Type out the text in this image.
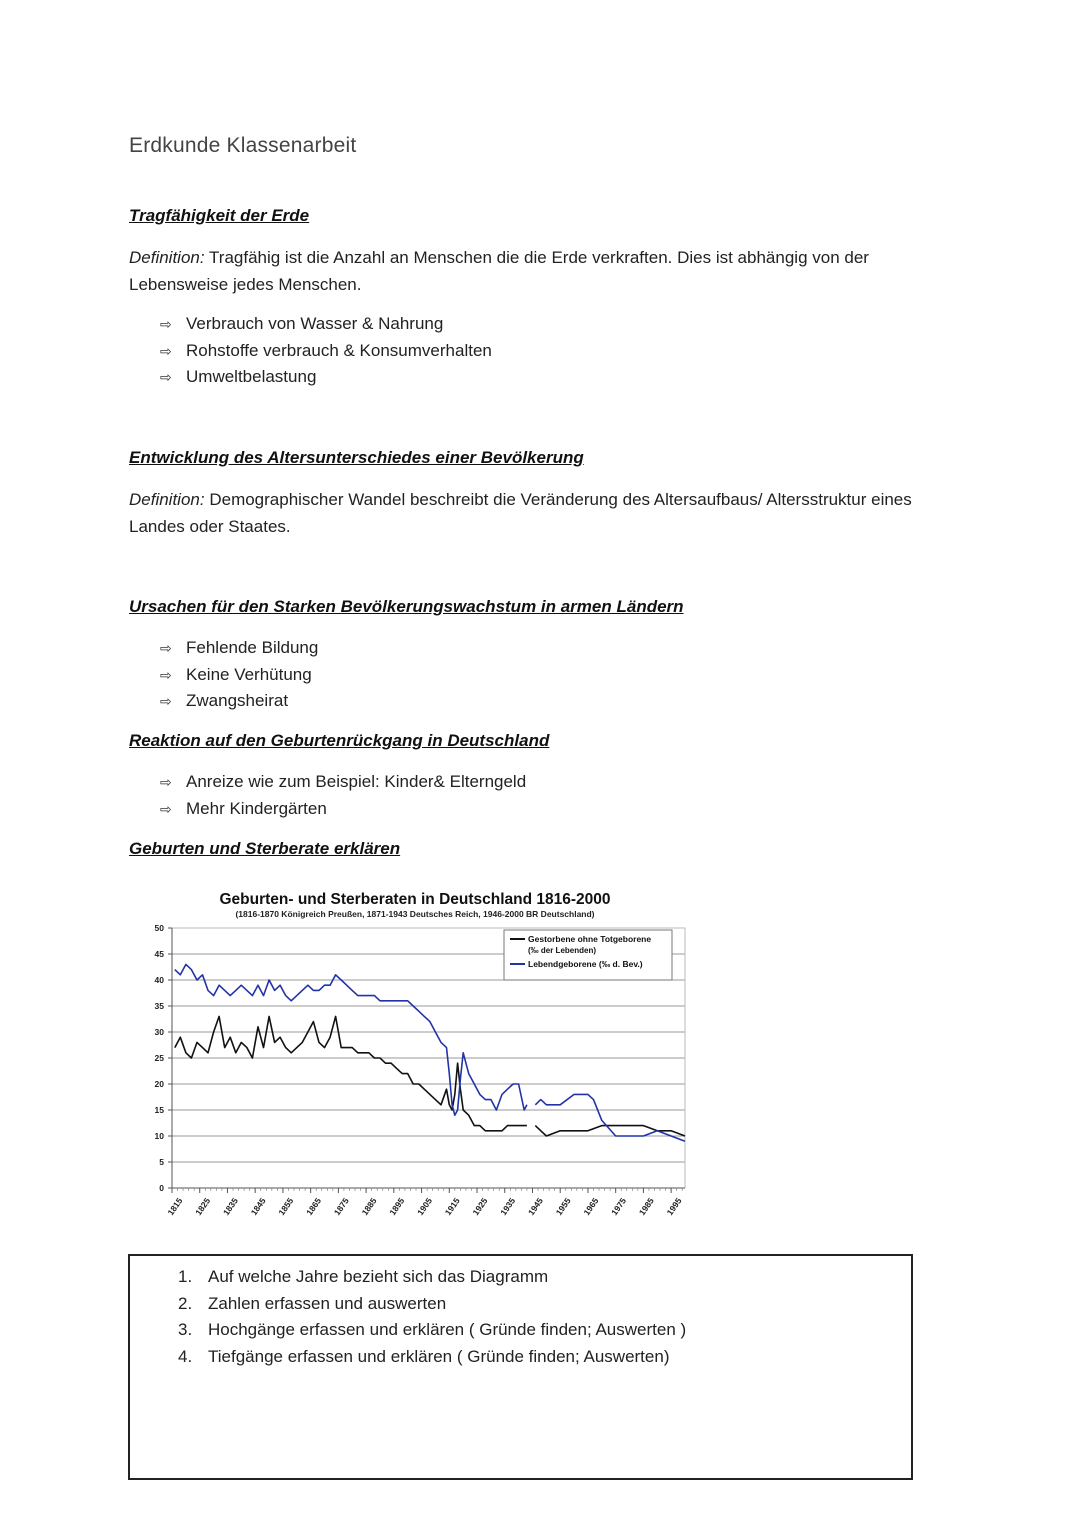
Erdkunde Klassenarbeit
Tragfähigkeit der Erde
Definition: Tragfähig ist die Anzahl an Menschen die die Erde verkraften. Dies ist abhängig von der Lebensweise jedes Menschen.
⇨ Verbrauch von Wasser & Nahrung
⇨ Rohstoffe verbrauch & Konsumverhalten
⇨ Umweltbelastung
Entwicklung des Altersunterschiedes einer Bevölkerung
Definition: Demographischer Wandel beschreibt die Veränderung des Altersaufbaus/ Altersstruktur eines Landes oder Staates.
Ursachen für den Starken Bevölkerungswachstum in armen Ländern
⇨ Fehlende Bildung
⇨ Keine Verhütung
⇨ Zwangsheirat
Reaktion auf den Geburtenrückgang in Deutschland
⇨ Anreize wie zum Beispiel: Kinder& Elterngeld
⇨ Mehr Kindergärten
Geburten und Sterberate erklären
Geburten- und Sterberaten in Deutschland 1816-2000
(1816-1870 Königreich Preußen, 1871-1943 Deutsches Reich, 1946-2000 BR Deutschland)
0
5
10
15
20
25
30
35
40
45
50
1815 1825 1835 1845 1855 1865 1875 1885 1895 1905 1915 1925 1935 1945 1955 1965 1975 1985 1995
Gestorbene ohne Totgeborene
(‰ der Lebenden)
Lebendgeborene (‰ d. Bev.)
1. Auf welche Jahre bezieht sich das Diagramm
2. Zahlen erfassen und auswerten
3. Hochgänge erfassen und erklären ( Gründe finden; Auswerten )
4. Tiefgänge erfassen und erklären ( Gründe finden; Auswerten)
